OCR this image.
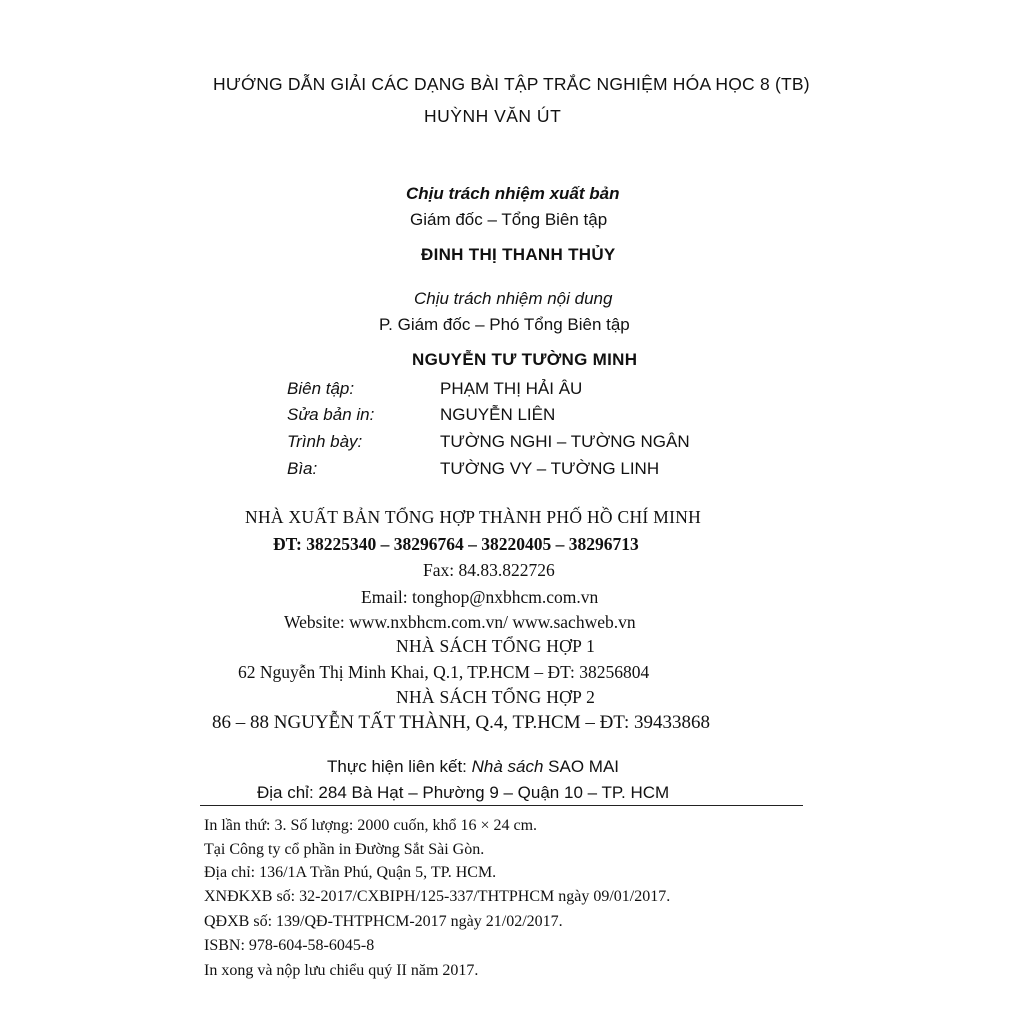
HƯỚNG DẪN GIẢI CÁC DẠNG BÀI TẬP TRẮC NGHIỆM HÓA HỌC 8 (TB)
HUỲNH VĂN ÚT
Chịu trách nhiệm xuất bản
Giám đốc – Tổng Biên tập
ĐINH THỊ THANH THỦY
Chịu trách nhiệm nội dung
P. Giám đốc – Phó Tổng Biên tập
NGUYỄN TƯ TƯỜNG MINH
Biên tập:	PHẠM THỊ HẢI ÂU
Sửa bản in:	NGUYỄN LIÊN
Trình bày:	TƯỜNG NGHI – TƯỜNG NGÂN
Bìa:	TƯỜNG VY – TƯỜNG LINH
NHÀ XUẤT BẢN TỔNG HỢP THÀNH PHỐ HỒ CHÍ MINH
ĐT: 38225340 – 38296764 – 38220405 – 38296713
Fax: 84.83.822726
Email: tonghop@nxbhcm.com.vn
Website: www.nxbhcm.com.vn/ www.sachweb.vn
NHÀ SÁCH TỔNG HỢP 1
62 Nguyễn Thị Minh Khai, Q.1, TP.HCM – ĐT: 38256804
NHÀ SÁCH TỔNG HỢP 2
86 – 88 NGUYỄN TẤT THÀNH, Q.4, TP.HCM – ĐT: 39433868
Thực hiện liên kết: Nhà sách SAO MAI
Địa chỉ: 284 Bà Hạt – Phường 9 – Quận 10 – TP. HCM
In lần thứ: 3. Số lượng: 2000 cuốn, khổ 16 × 24 cm.
Tại Công ty cổ phần in Đường Sắt Sài Gòn.
Địa chỉ: 136/1A Trần Phú, Quận 5, TP. HCM.
XNĐKXB số: 32-2017/CXBIPH/125-337/THTPHCM ngày 09/01/2017.
QĐXB số: 139/QĐ-THTPHCM-2017 ngày 21/02/2017.
ISBN: 978-604-58-6045-8
In xong và nộp lưu chiểu quý II năm 2017.
